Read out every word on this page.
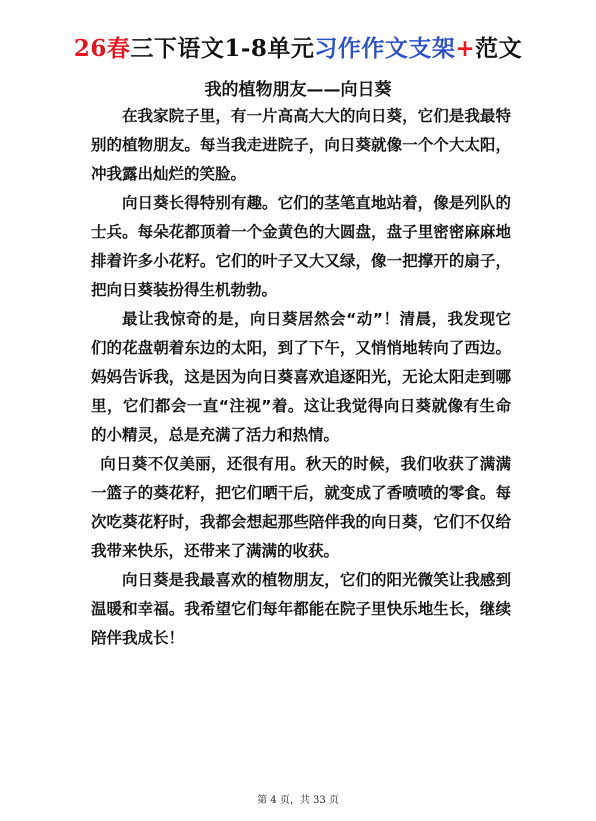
26春三下语文1-8单元习作作文支架+范文
我的植物朋友——向日葵

在我家院子里，有一片高高大大的向日葵，它们是我最特别的植物朋友。每当我走进院子，向日葵就像一个个大太阳，冲我露出灿烂的笑脸。

向日葵长得特别有趣。它们的茎笔直地站着，像是列队的士兵。每朵花都顶着一个金黄色的大圆盘，盘子里密密麻麻地排着许多小花籽。它们的叶子又大又绿，像一把撑开的扇子，把向日葵装扮得生机勃勃。

最让我惊奇的是，向日葵居然会“动”！清晨，我发现它们的花盘朝着东边的太阳，到了下午，又悄悄地转向了西边。妈妈告诉我，这是因为向日葵喜欢追逐阳光，无论太阳走到哪里，它们都会一直“注视”着。这让我觉得向日葵就像有生命的小精灵，总是充满了活力和热情。

向日葵不仅美丽，还很有用。秋天的时候，我们收获了满满一篮子的葵花籽，把它们晒干后，就变成了香喷喷的零食。每次吃葵花籽时，我都会想起那些陪伴我的向日葵，它们不仅给我带来快乐，还带来了满满的收获。

向日葵是我最喜欢的植物朋友，它们的阳光微笑让我感到温暖和幸福。我希望它们每年都能在院子里快乐地生长，继续陪伴我成长！

第 4 页，共 33 页
